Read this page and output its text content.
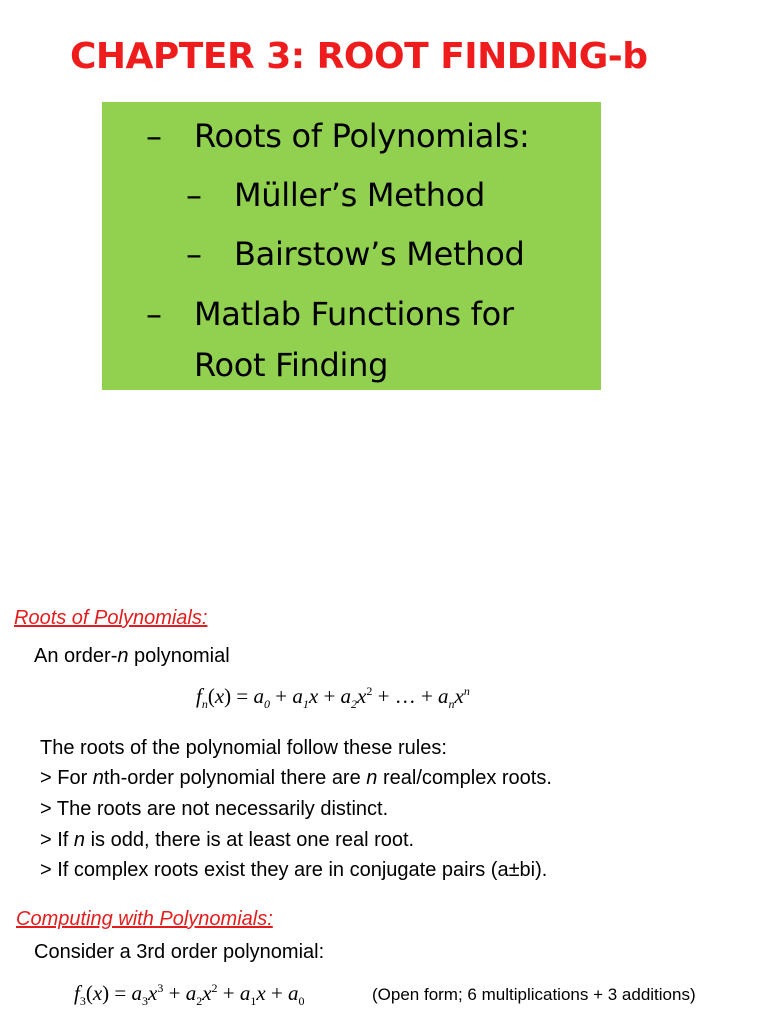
CHAPTER 3: ROOT FINDING-b
– Roots of Polynomials:
– Müller’s Method
– Bairstow’s Method
– Matlab Functions for
Root Finding
Roots of Polynomials:
An order-n polynomial
$f_n(x) = a_0 + a_1x + a_2x^2$ + … + $a_nx^n$
The roots of the polynomial follow these rules:
> For nth-order polynomial there are n real/complex roots.
> The roots are not necessarily distinct.
> If n is odd, there is at least one real root.
> If complex roots exist they are in conjugate pairs (a±bi).
Computing with Polynomials:
Consider a 3rd order polynomial:
$f_3(x) = a_3x^3 + a_2x^2 + a_1x + a_0$	(Open form; 6 multiplications + 3 additions)
